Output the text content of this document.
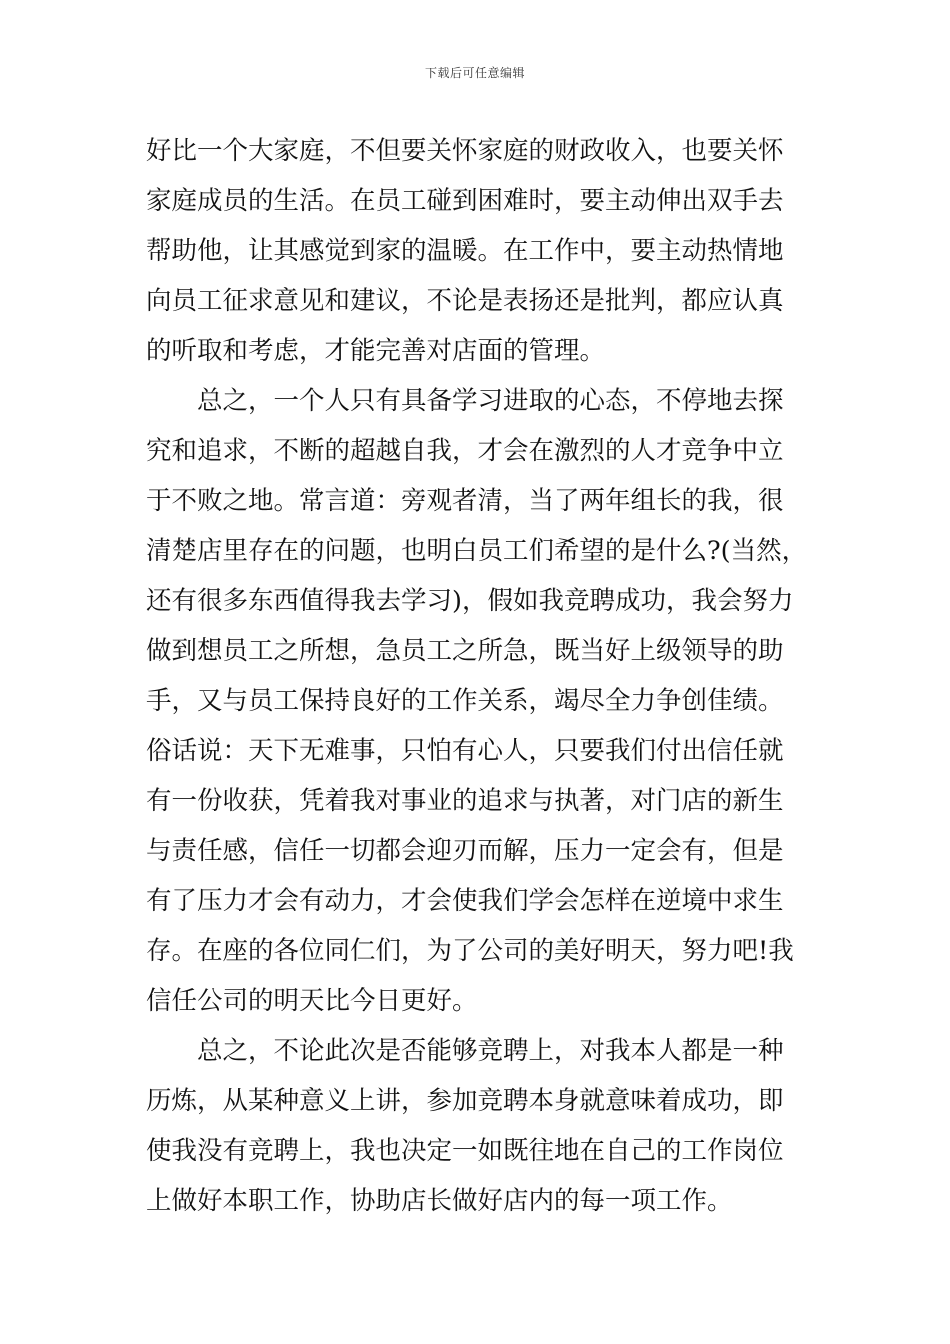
下载后可任意编辑
好比一个大家庭，不但要关怀家庭的财政收入，也要关怀
家庭成员的生活。在员工碰到困难时，要主动伸出双手去
帮助他，让其感觉到家的温暖。在工作中，要主动热情地
向员工征求意见和建议，不论是表扬还是批判，都应认真
的听取和考虑，才能完善对店面的管理。
　　总之，一个人只有具备学习进取的心态，不停地去探
究和追求，不断的超越自我，才会在激烈的人才竞争中立
于不败之地。常言道：旁观者清，当了两年组长的我，很
清楚店里存在的问题，也明白员工们希望的是什么?(当然，
还有很多东西值得我去学习)，假如我竞聘成功，我会努力
做到想员工之所想，急员工之所急，既当好上级领导的助
手，又与员工保持良好的工作关系，竭尽全力争创佳绩。
俗话说：天下无难事，只怕有心人，只要我们付出信任就
有一份收获，凭着我对事业的追求与执著，对门店的新生
与责任感，信任一切都会迎刃而解，压力一定会有，但是
有了压力才会有动力，才会使我们学会怎样在逆境中求生
存。在座的各位同仁们，为了公司的美好明天，努力吧!我
信任公司的明天比今日更好。
　　总之，不论此次是否能够竞聘上，对我本人都是一种
历炼，从某种意义上讲，参加竞聘本身就意味着成功，即
使我没有竞聘上，我也决定一如既往地在自己的工作岗位
上做好本职工作，协助店长做好店内的每一项工作。
